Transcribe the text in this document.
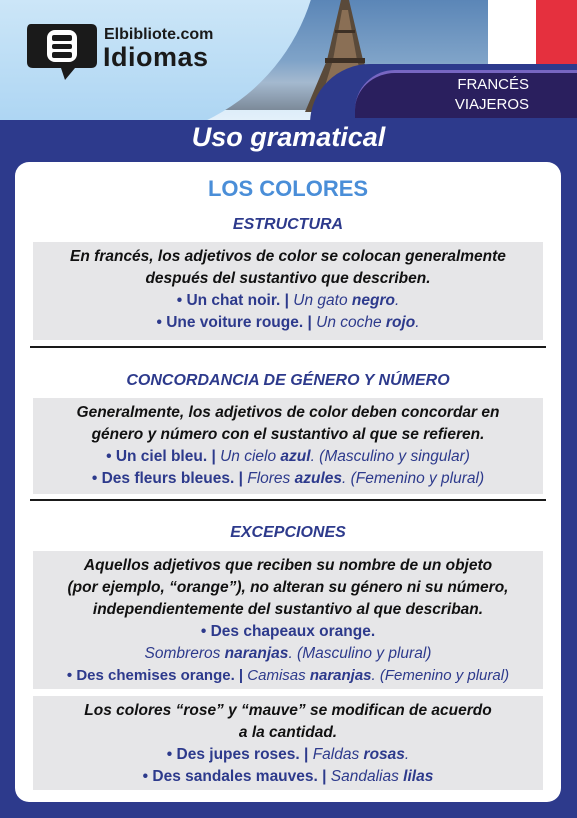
FRANCÉS
VIAJEROS
Elbibliote.com
Idiomas
Uso gramatical
LOS COLORES
ESTRUCTURA
En francés, los adjetivos de color se colocan generalmente
después del sustantivo que describen.
• Un chat noir. | Un gato negro.
• Une voiture rouge. | Un coche rojo.
CONCORDANCIA DE GÉNERO Y NÚMERO
Generalmente, los adjetivos de color deben concordar en
género y número con el sustantivo al que se refieren.
• Un ciel bleu. | Un cielo azul. (Masculino y singular)
• Des fleurs bleues. | Flores azules. (Femenino y plural)
EXCEPCIONES
Aquellos adjetivos que reciben su nombre de un objeto
(por ejemplo, “orange”), no alteran su género ni su número,
independientemente del sustantivo al que describan.
• Des chapeaux orange.
Sombreros naranjas. (Masculino y plural)
• Des chemises orange. | Camisas naranjas. (Femenino y plural)
Los colores “rose” y “mauve” se modifican de acuerdo
a la cantidad.
• Des jupes roses. | Faldas rosas.
• Des sandales mauves. | Sandalias lilas
